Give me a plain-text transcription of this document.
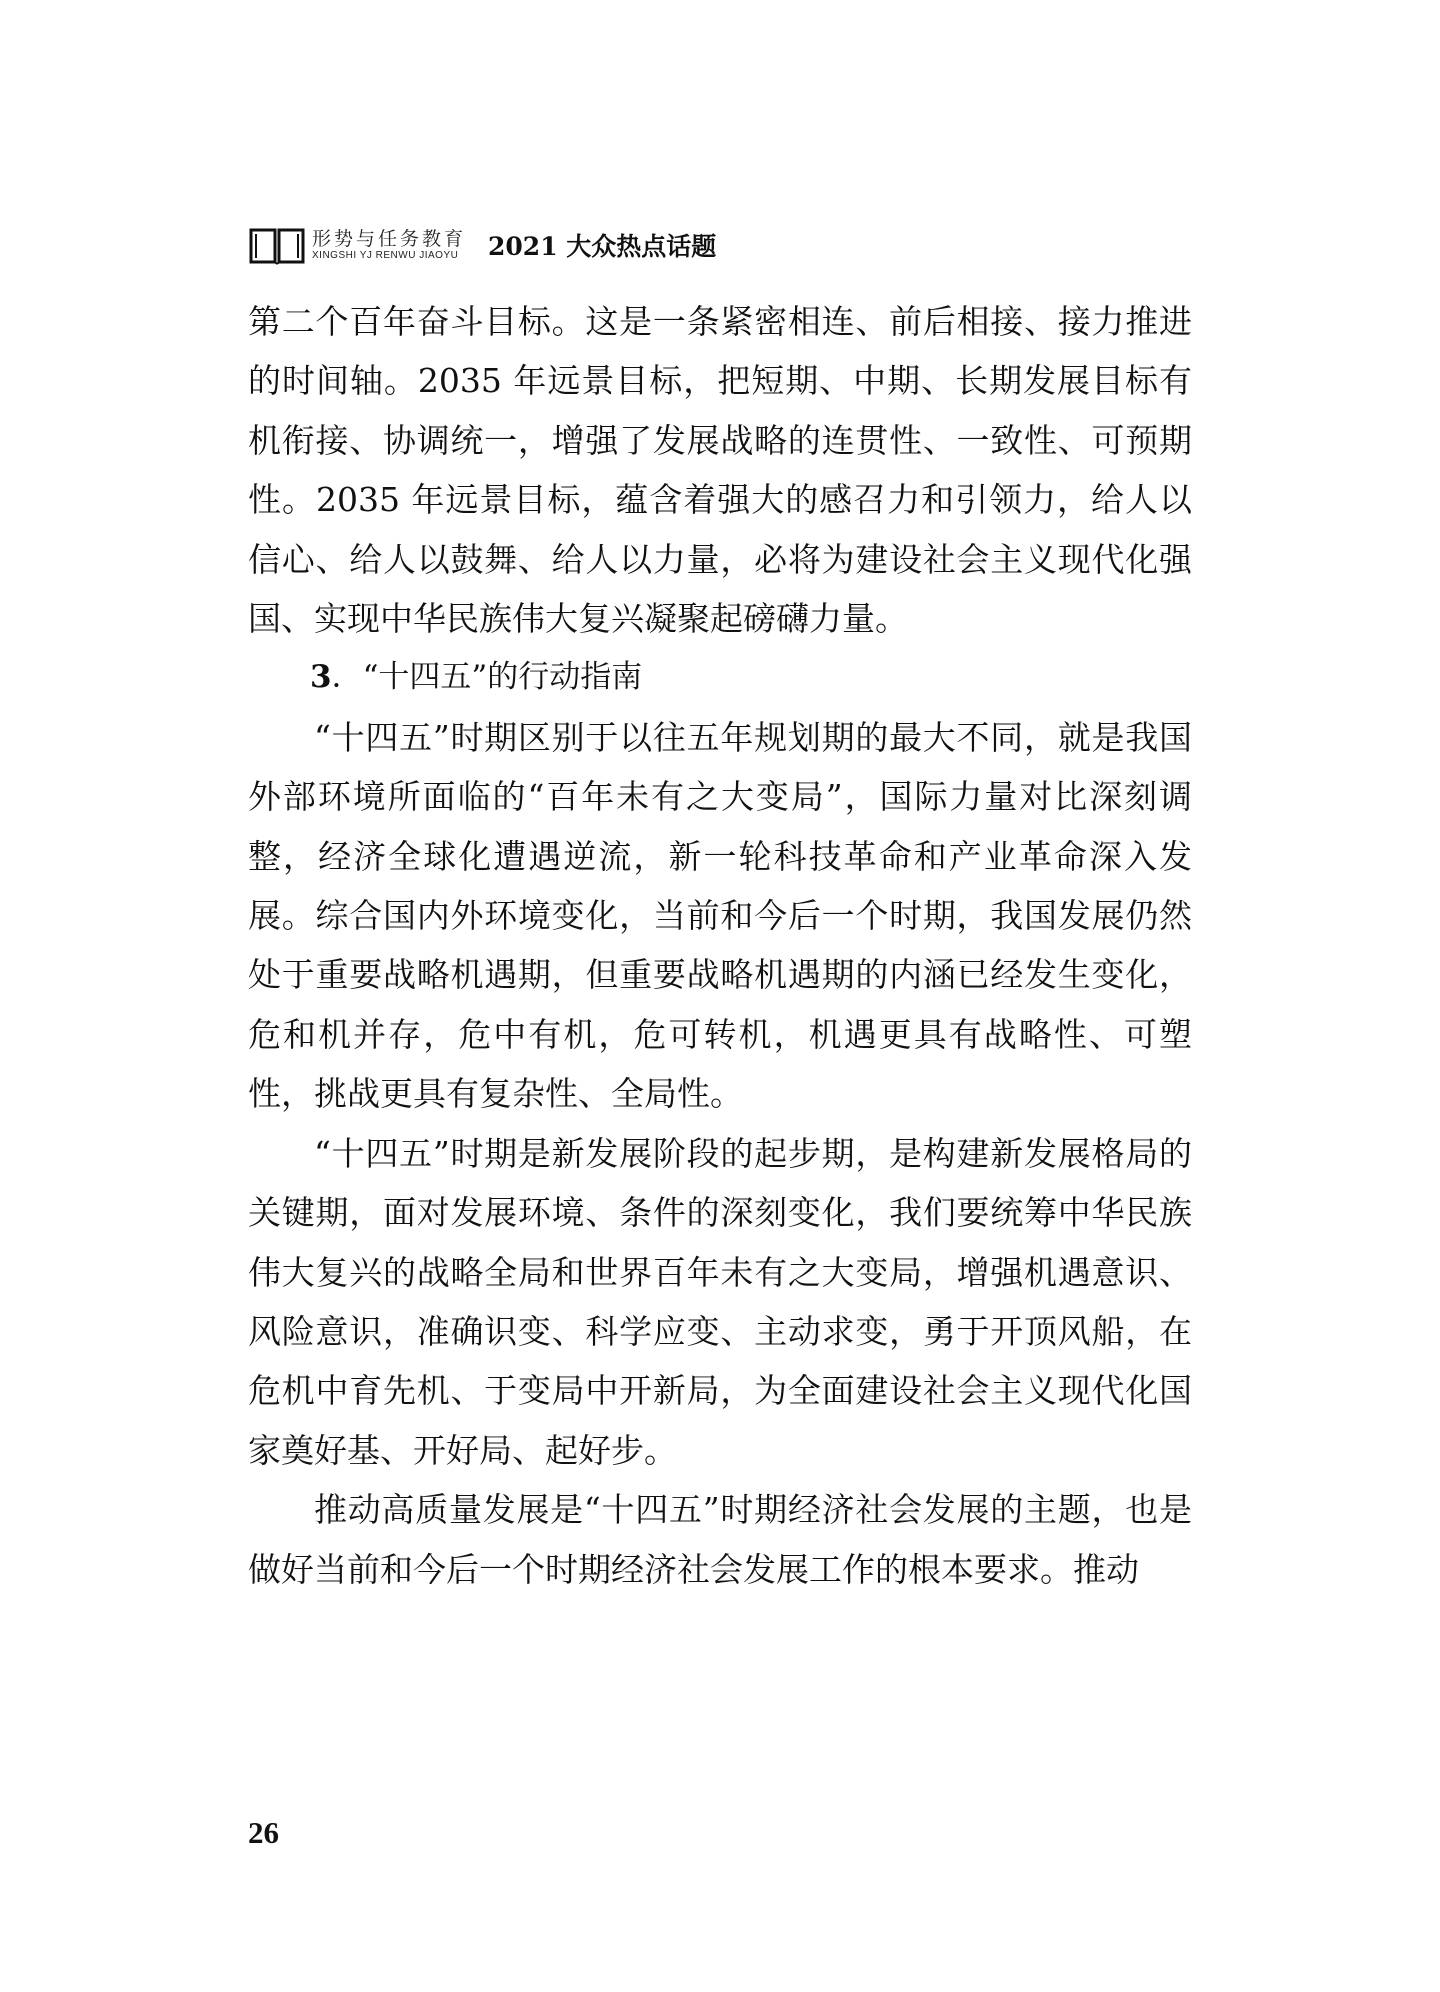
形势与任务教育
XINGSHI YJ RENWU JIAOYU	2021 大众热点话题

第二个百年奋斗目标。这是一条紧密相连、前后相接、接力推进的时间轴。2035 年远景目标，把短期、中期、长期发展目标有机衔接、协调统一，增强了发展战略的连贯性、一致性、可预期性。2035 年远景目标，蕴含着强大的感召力和引领力，给人以信心、给人以鼓舞、给人以力量，必将为建设社会主义现代化强国、实现中华民族伟大复兴凝聚起磅礴力量。

3．“十四五”的行动指南

“十四五”时期区别于以往五年规划期的最大不同，就是我国外部环境所面临的“百年未有之大变局”，国际力量对比深刻调整，经济全球化遭遇逆流，新一轮科技革命和产业革命深入发展。综合国内外环境变化，当前和今后一个时期，我国发展仍然处于重要战略机遇期，但重要战略机遇期的内涵已经发生变化，危和机并存，危中有机，危可转机，机遇更具有战略性、可塑性，挑战更具有复杂性、全局性。

“十四五”时期是新发展阶段的起步期，是构建新发展格局的关键期，面对发展环境、条件的深刻变化，我们要统筹中华民族伟大复兴的战略全局和世界百年未有之大变局，增强机遇意识、风险意识，准确识变、科学应变、主动求变，勇于开顶风船，在危机中育先机、于变局中开新局，为全面建设社会主义现代化国家奠好基、开好局、起好步。

推动高质量发展是“十四五”时期经济社会发展的主题，也是做好当前和今后一个时期经济社会发展工作的根本要求。推动

26
